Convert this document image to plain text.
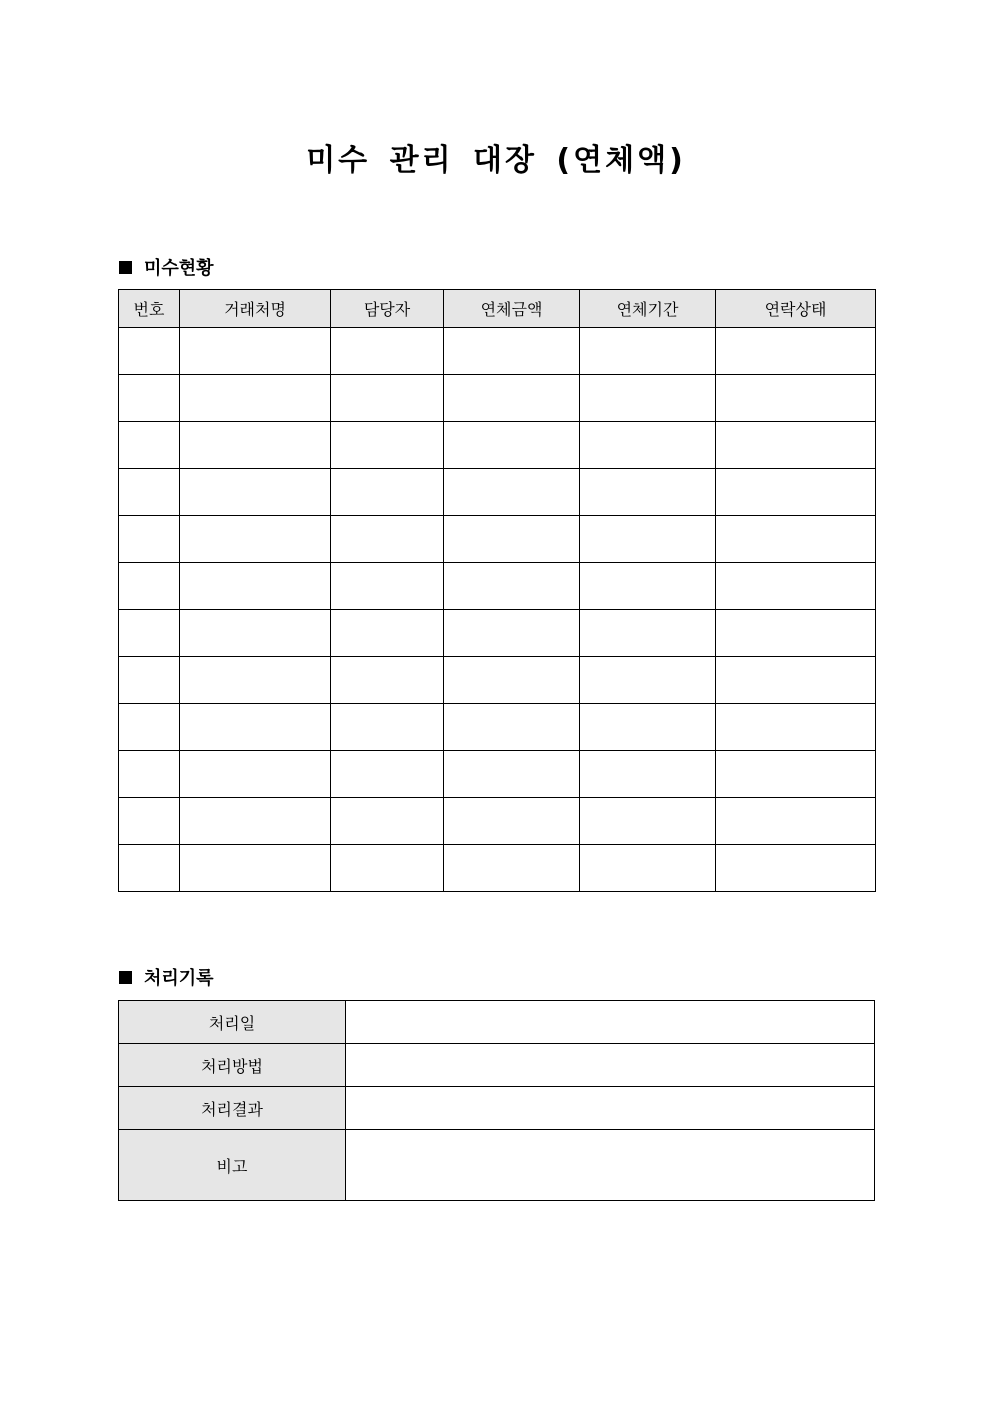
미수 관리 대장 (연체액)
미수현황
번호	거래처명	담당자	연체금액	연체기간	연락상태

처리기록
처리일	
처리방법	
처리결과	
비고	
